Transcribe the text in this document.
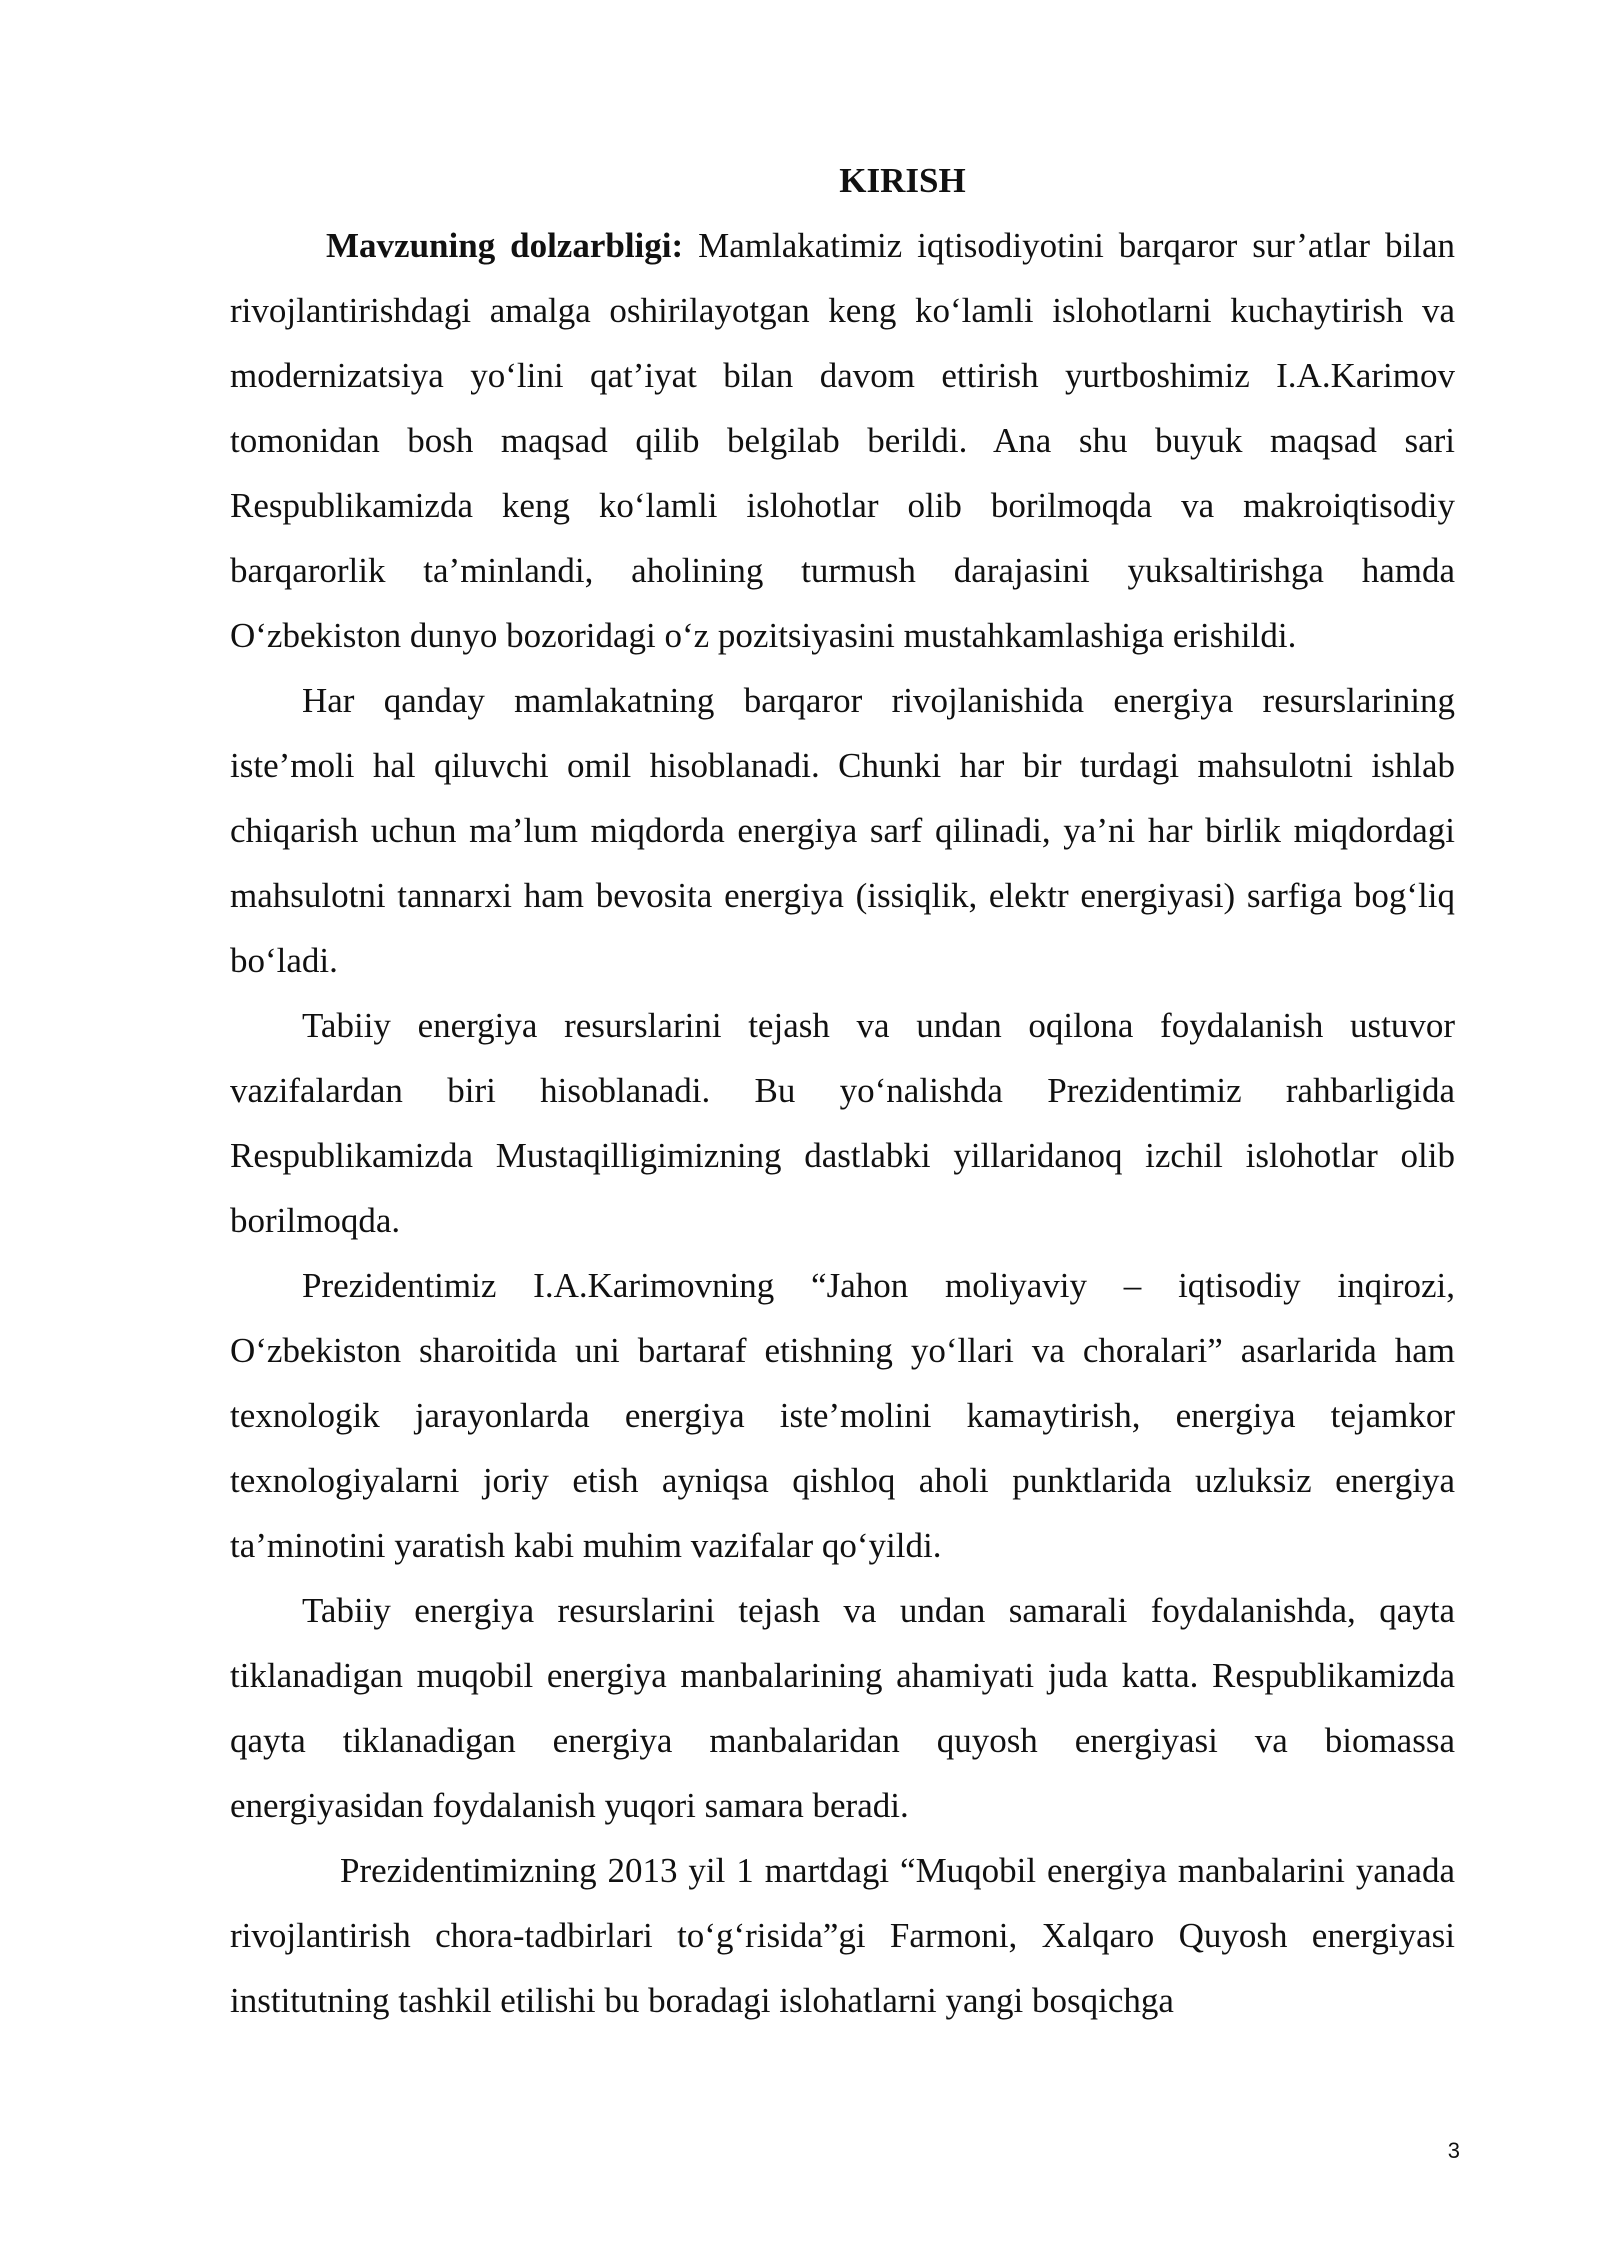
KIRISH

Mavzuning dolzarbligi: Mamlakatimiz iqtisodiyotini barqaror sur’atlar bilan rivojlantirishdagi amalga oshirilayotgan keng ko‘lamli islohotlarni kuchaytirish va modernizatsiya yo‘lini qat’iyat bilan davom ettirish yurtboshimiz I.A.Karimov tomonidan bosh maqsad qilib belgilab berildi. Ana shu buyuk maqsad sari Respublikamizda keng ko‘lamli islohotlar olib borilmoqda va makroiqtisodiy barqarorlik ta’minlandi, aholining turmush darajasini yuksaltirishga hamda O‘zbekiston dunyo bozoridagi o‘z pozitsiyasini mustahkamlashiga erishildi.

Har qanday mamlakatning barqaror rivojlanishida energiya resurslarining iste’moli hal qiluvchi omil hisoblanadi. Chunki har bir turdagi mahsulotni ishlab chiqarish uchun ma’lum miqdorda energiya sarf qilinadi, ya’ni har birlik miqdordagi mahsulotni tannarxi ham bevosita energiya (issiqlik, elektr energiyasi) sarfiga bog‘liq bo‘ladi.

Tabiiy energiya resurslarini tejash va undan oqilona foydalanish ustuvor vazifalardan biri hisoblanadi. Bu yo‘nalishda Prezidentimiz rahbarligida Respublikamizda Mustaqilligimizning dastlabki yillaridanoq izchil islohotlar olib borilmoqda.

Prezidentimiz I.A.Karimovning “Jahon moliyaviy – iqtisodiy inqirozi, O‘zbekiston sharoitida uni bartaraf etishning yo‘llari va choralari” asarlarida ham texnologik jarayonlarda energiya iste’molini kamaytirish, energiya tejamkor texnologiyalarni joriy etish ayniqsa qishloq aholi punktlarida uzluksiz energiya ta’minotini yaratish kabi muhim vazifalar qo‘yildi.

Tabiiy energiya resurslarini tejash va undan samarali foydalanishda, qayta tiklanadigan muqobil energiya manbalarining ahamiyati juda katta. Respublikamizda qayta tiklanadigan energiya manbalaridan quyosh energiyasi va biomassa energiyasidan foydalanish yuqori samara beradi.

Prezidentimizning 2013 yil 1 martdagi “Muqobil energiya manbalarini yanada rivojlantirish chora-tadbirlari to‘g‘risida”gi Farmoni, Xalqaro Quyosh energiyasi institutning tashkil etilishi bu boradagi islohatlarni yangi bosqichga

3
